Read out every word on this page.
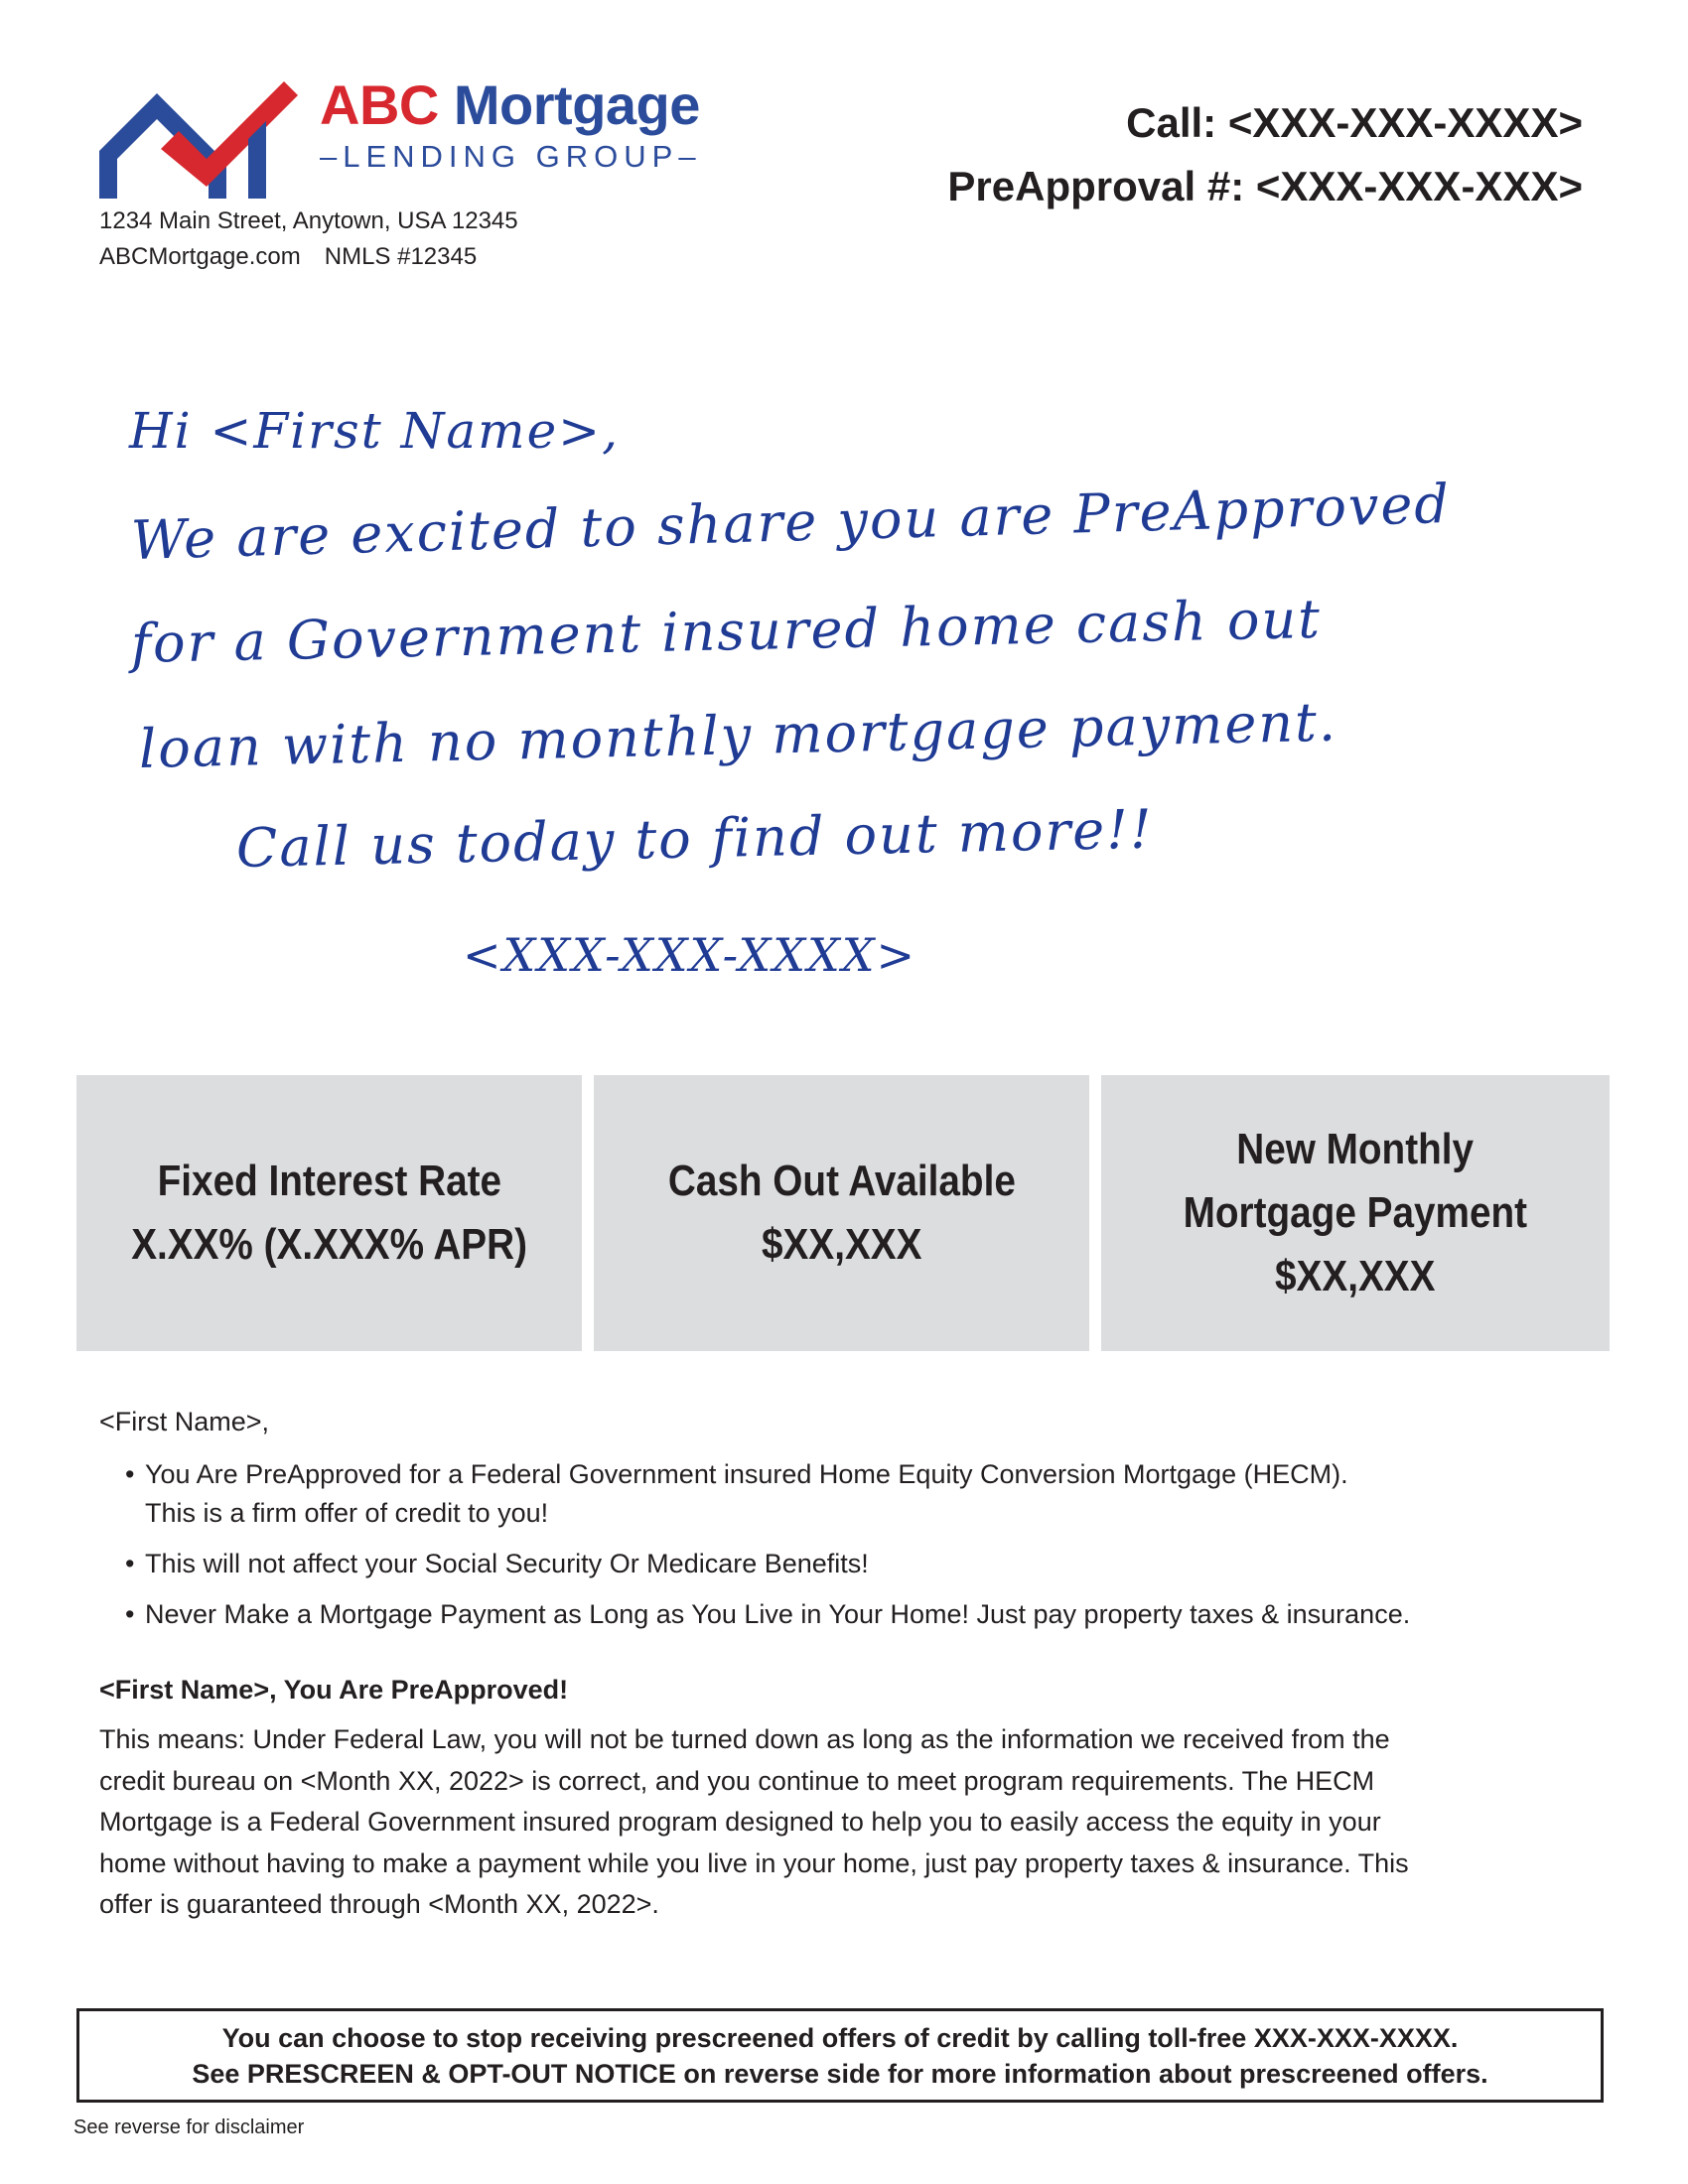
ABC Mortgage
–LENDING GROUP–
1234 Main Street, Anytown, USA 12345
ABCMortgage.com NMLS #12345
Call: <XXX-XXX-XXXX>
PreApproval #: <XXX-XXX-XXX>
Hi <First Name>,
We are excited to share you are PreApproved
for a Government insured home cash out
loan with no monthly mortgage payment.
Call us today to find out more!!
<XXX-XXX-XXXX>
Fixed Interest Rate
X.XX% (X.XXX% APR)
Cash Out Available
$XX,XXX
New Monthly
Mortgage Payment
$XX,XXX

<First Name>,

• You Are PreApproved for a Federal Government insured Home Equity Conversion Mortgage (HECM).
This is a firm offer of credit to you!
• This will not affect your Social Security Or Medicare Benefits!
• Never Make a Mortgage Payment as Long as You Live in Your Home! Just pay property taxes & insurance.

<First Name>, You Are PreApproved!

This means: Under Federal Law, you will not be turned down as long as the information we received from the
credit bureau on <Month XX, 2022> is correct, and you continue to meet program requirements. The HECM
Mortgage is a Federal Government insured program designed to help you to easily access the equity in your
home without having to make a payment while you live in your home, just pay property taxes & insurance. This
offer is guaranteed through <Month XX, 2022>.
You can choose to stop receiving prescreened offers of credit by calling toll-free XXX-XXX-XXXX.
See PRESCREEN & OPT-OUT NOTICE on reverse side for more information about prescreened offers.
See reverse for disclaimer
